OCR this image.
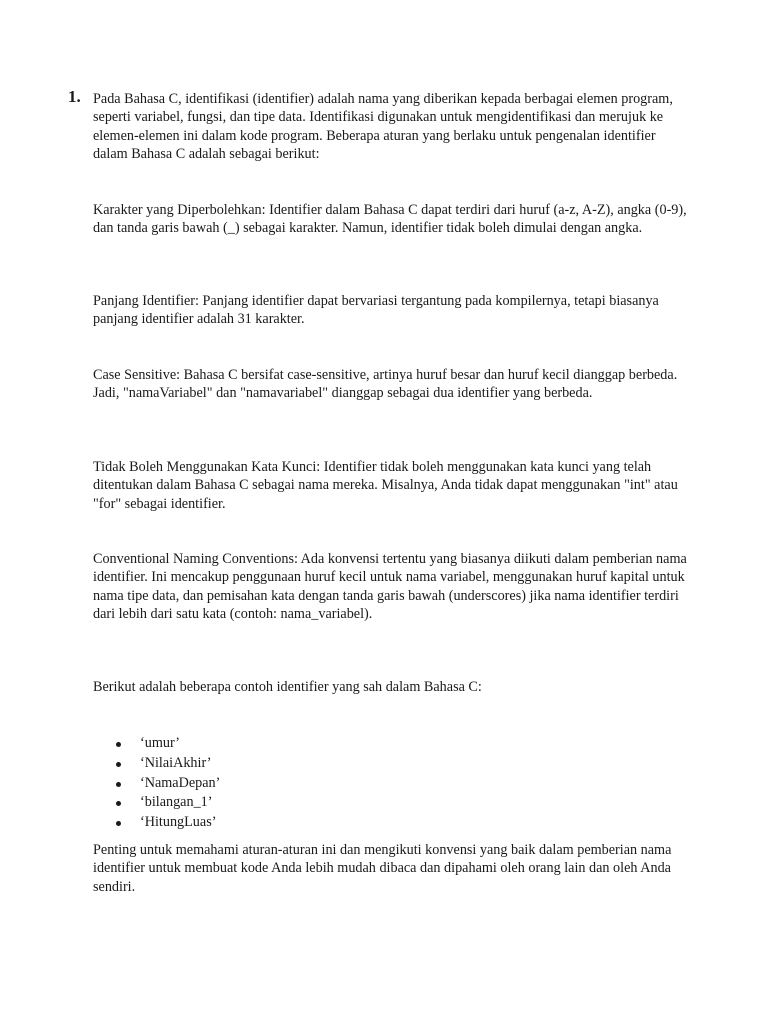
1. Pada Bahasa C, identifikasi (identifier) adalah nama yang diberikan kepada berbagai elemen program, seperti variabel, fungsi, dan tipe data. Identifikasi digunakan untuk mengidentifikasi dan merujuk ke elemen-elemen ini dalam kode program. Beberapa aturan yang berlaku untuk pengenalan identifier dalam Bahasa C adalah sebagai berikut:

Karakter yang Diperbolehkan: Identifier dalam Bahasa C dapat terdiri dari huruf (a-z, A-Z), angka (0-9), dan tanda garis bawah (_) sebagai karakter. Namun, identifier tidak boleh dimulai dengan angka.

Panjang Identifier: Panjang identifier dapat bervariasi tergantung pada kompilernya, tetapi biasanya panjang identifier adalah 31 karakter.

Case Sensitive: Bahasa C bersifat case-sensitive, artinya huruf besar dan huruf kecil dianggap berbeda. Jadi, "namaVariabel" dan "namavariabel" dianggap sebagai dua identifier yang berbeda.

Tidak Boleh Menggunakan Kata Kunci: Identifier tidak boleh menggunakan kata kunci yang telah ditentukan dalam Bahasa C sebagai nama mereka. Misalnya, Anda tidak dapat menggunakan "int" atau "for" sebagai identifier.

Conventional Naming Conventions: Ada konvensi tertentu yang biasanya diikuti dalam pemberian nama identifier. Ini mencakup penggunaan huruf kecil untuk nama variabel, menggunakan huruf kapital untuk nama tipe data, dan pemisahan kata dengan tanda garis bawah (underscores) jika nama identifier terdiri dari lebih dari satu kata (contoh: nama_variabel).

Berikut adalah beberapa contoh identifier yang sah dalam Bahasa C:

‘umur’
‘NilaiAkhir’
‘NamaDepan’
‘bilangan_1’
‘HitungLuas’

Penting untuk memahami aturan-aturan ini dan mengikuti konvensi yang baik dalam pemberian nama identifier untuk membuat kode Anda lebih mudah dibaca dan dipahami oleh orang lain dan oleh Anda sendiri.
